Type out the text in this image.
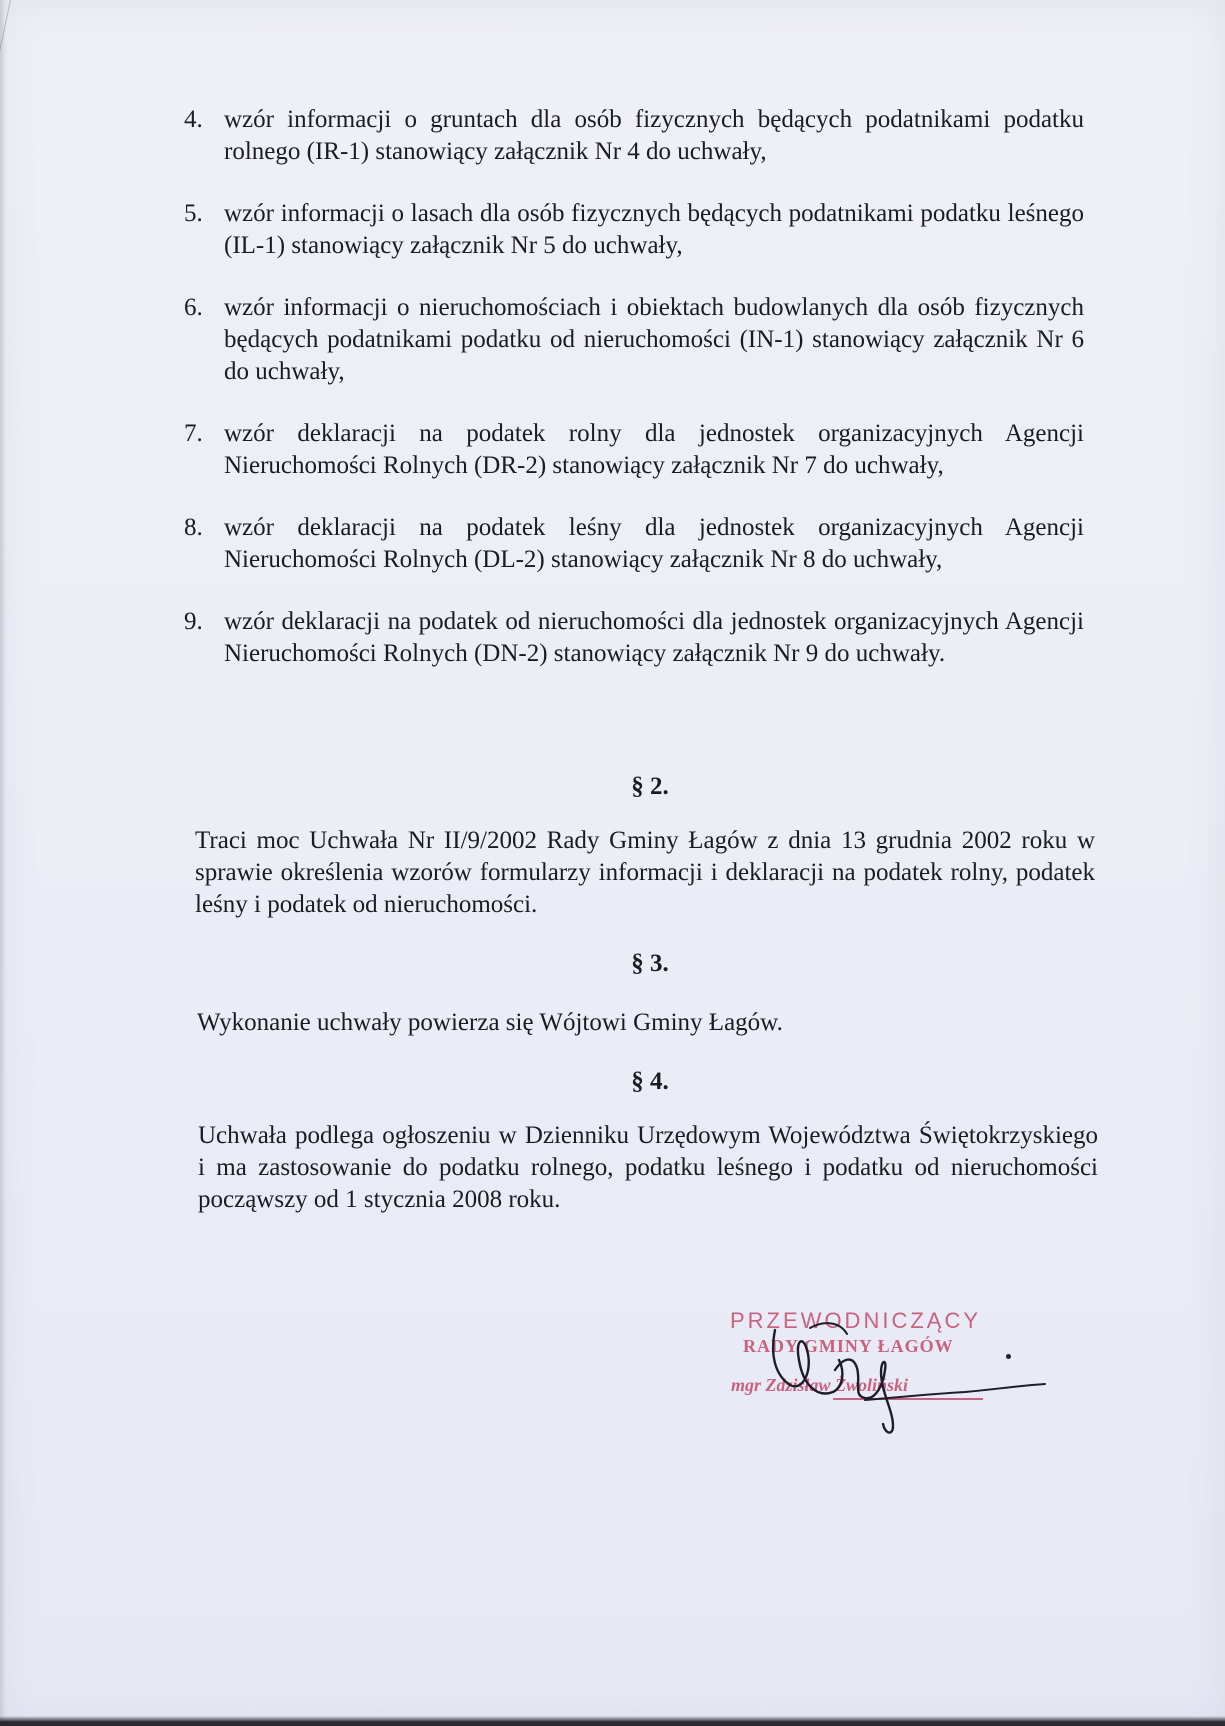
4. wzór informacji o gruntach dla osób fizycznych będących podatnikami podatku rolnego (IR-1) stanowiący załącznik Nr 4 do uchwały,
5. wzór informacji o lasach dla osób fizycznych będących podatnikami podatku leśnego (IL-1) stanowiący załącznik Nr 5 do uchwały,
6. wzór informacji o nieruchomościach i obiektach budowlanych dla osób fizycznych będących podatnikami podatku od nieruchomości (IN-1) stanowiący załącznik Nr 6 do uchwały,
7. wzór deklaracji na podatek rolny dla jednostek organizacyjnych Agencji Nieruchomości Rolnych (DR-2) stanowiący załącznik Nr 7 do uchwały,
8. wzór deklaracji na podatek leśny dla jednostek organizacyjnych Agencji Nieruchomości Rolnych (DL-2) stanowiący załącznik Nr 8 do uchwały,
9. wzór deklaracji na podatek od nieruchomości dla jednostek organizacyjnych Agencji Nieruchomości Rolnych (DN-2) stanowiący załącznik Nr 9 do uchwały.
§ 2.
Traci moc Uchwała Nr II/9/2002 Rady Gminy Łagów z dnia 13 grudnia 2002 roku w sprawie określenia wzorów formularzy informacji i deklaracji na podatek rolny, podatek leśny i podatek od nieruchomości.
§ 3.
Wykonanie uchwały powierza się Wójtowi Gminy Łagów.
§ 4.
Uchwała podlega ogłoszeniu w Dzienniku Urzędowym Województwa Świętokrzyskiego i ma zastosowanie do podatku rolnego, podatku leśnego i podatku od nieruchomości począwszy od 1 stycznia 2008 roku.
PRZEWODNICZĄCY
RADY GMINY ŁAGÓW
mgr Zdzisław Żwoliński
